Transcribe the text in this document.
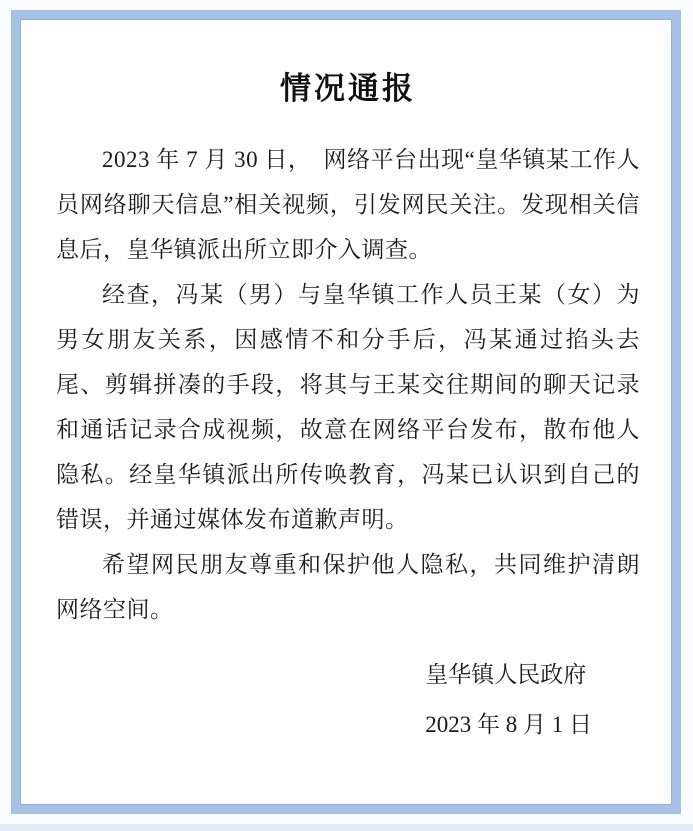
情况通报

2023 年 7 月 30 日，　网络平台出现“皇华镇某工作人员网络聊天信息”相关视频，引发网民关注。发现相关信息后，皇华镇派出所立即介入调查。

经查，冯某（男）与皇华镇工作人员王某（女）为男女朋友关系，因感情不和分手后，冯某通过掐头去尾、剪辑拼凑的手段，将其与王某交往期间的聊天记录和通话记录合成视频，故意在网络平台发布，散布他人隐私。经皇华镇派出所传唤教育，冯某已认识到自己的错误，并通过媒体发布道歉声明。

希望网民朋友尊重和保护他人隐私，共同维护清朗网络空间。

皇华镇人民政府
2023 年 8 月 1 日
